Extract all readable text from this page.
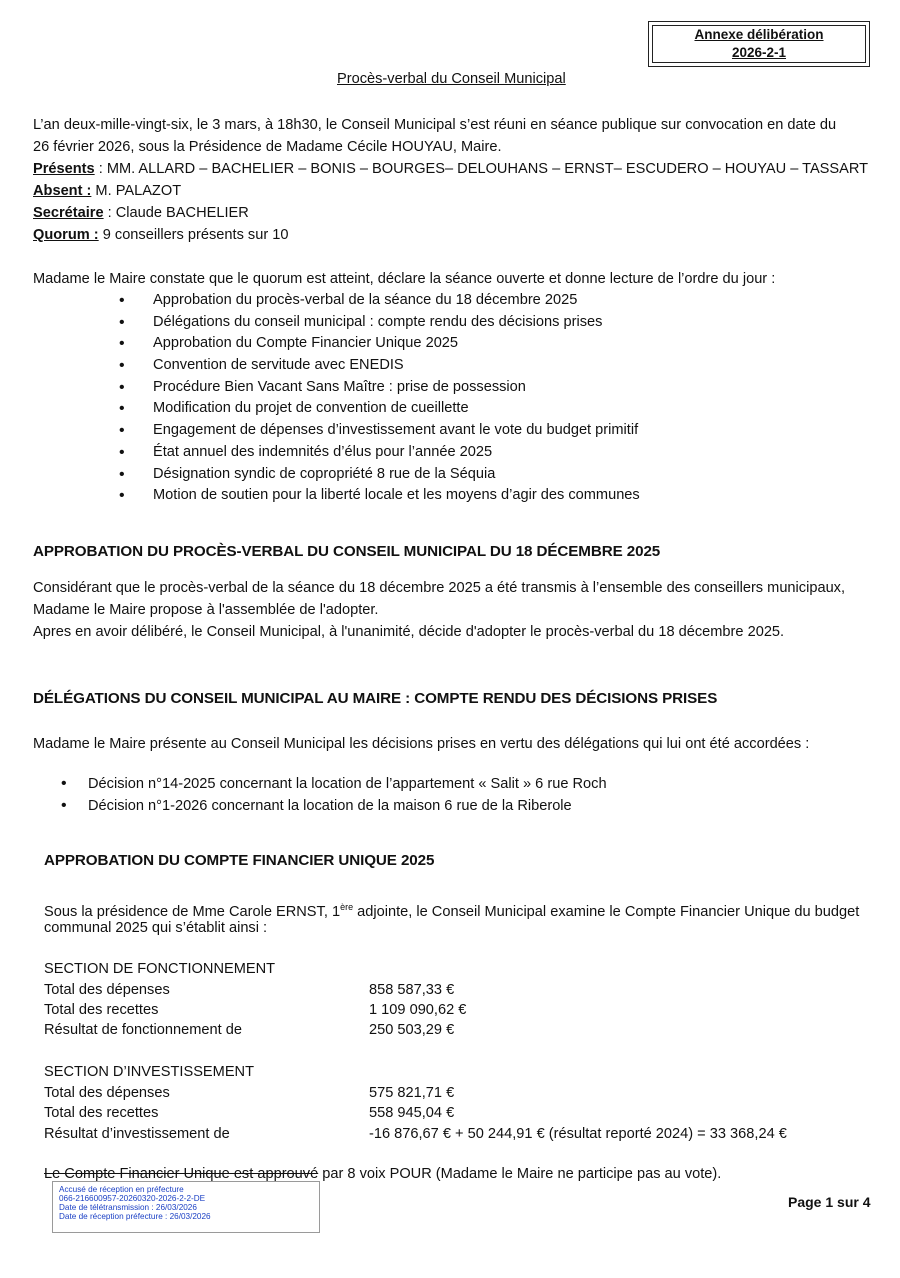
Annexe délibération
2026-2-1
Procès-verbal du Conseil Municipal
L’an deux-mille-vingt-six, le 3 mars, à 18h30, le Conseil Municipal s’est réuni en séance publique sur convocation en date du
26 février 2026, sous la Présidence de Madame Cécile HOUYAU, Maire.
Présents : MM. ALLARD – BACHELIER – BONIS – BOURGES– DELOUHANS – ERNST– ESCUDERO – HOUYAU – TASSART
Absent : M. PALAZOT
Secrétaire : Claude BACHELIER
Quorum : 9 conseillers présents sur 10
Madame le Maire constate que le quorum est atteint, déclare la séance ouverte et donne lecture de l’ordre du jour :
• Approbation du procès-verbal de la séance du 18 décembre 2025
• Délégations du conseil municipal : compte rendu des décisions prises
• Approbation du Compte Financier Unique 2025
• Convention de servitude avec ENEDIS
• Procédure Bien Vacant Sans Maître : prise de possession
• Modification du projet de convention de cueillette
• Engagement de dépenses d’investissement avant le vote du budget primitif
• État annuel des indemnités d’élus pour l’année 2025
• Désignation syndic de copropriété 8 rue de la Séquia
• Motion de soutien pour la liberté locale et les moyens d’agir des communes
APPROBATION DU PROCÈS-VERBAL DU CONSEIL MUNICIPAL DU 18 DÉCEMBRE 2025
Considérant que le procès-verbal de la séance du 18 décembre 2025 a été transmis à l’ensemble des conseillers municipaux,
Madame le Maire propose à l'assemblée de l'adopter.
Apres en avoir délibéré, le Conseil Municipal, à l'unanimité, décide d'adopter le procès-verbal du 18 décembre 2025.
DÉLÉGATIONS DU CONSEIL MUNICIPAL AU MAIRE : COMPTE RENDU DES DÉCISIONS PRISES
Madame le Maire présente au Conseil Municipal les décisions prises en vertu des délégations qui lui ont été accordées :
• Décision n°14-2025 concernant la location de l’appartement « Salit » 6 rue Roch
• Décision n°1-2026 concernant la location de la maison 6 rue de la Riberole
APPROBATION DU COMPTE FINANCIER UNIQUE 2025
Sous la présidence de Mme Carole ERNST, 1ère adjointe, le Conseil Municipal examine le Compte Financier Unique du budget
communal 2025 qui s’établit ainsi :
SECTION DE FONCTIONNEMENT
Total des dépenses	858 587,33 €
Total des recettes	1 109 090,62 €
Résultat de fonctionnement de	250 503,29 €
SECTION D’INVESTISSEMENT
Total des dépenses	575 821,71 €
Total des recettes	558 945,04 €
Résultat d’investissement de	-16 876,67 € + 50 244,91 € (résultat reporté 2024) = 33 368,24 €
Le Compte Financier Unique est approuvé par 8 voix POUR (Madame le Maire ne participe pas au vote).
Accusé de réception en préfecture
066-216600957-20260320-2026-2-2-DE
Date de télétransmission : 26/03/2026
Date de réception préfecture : 26/03/2026
Page 1 sur 4
